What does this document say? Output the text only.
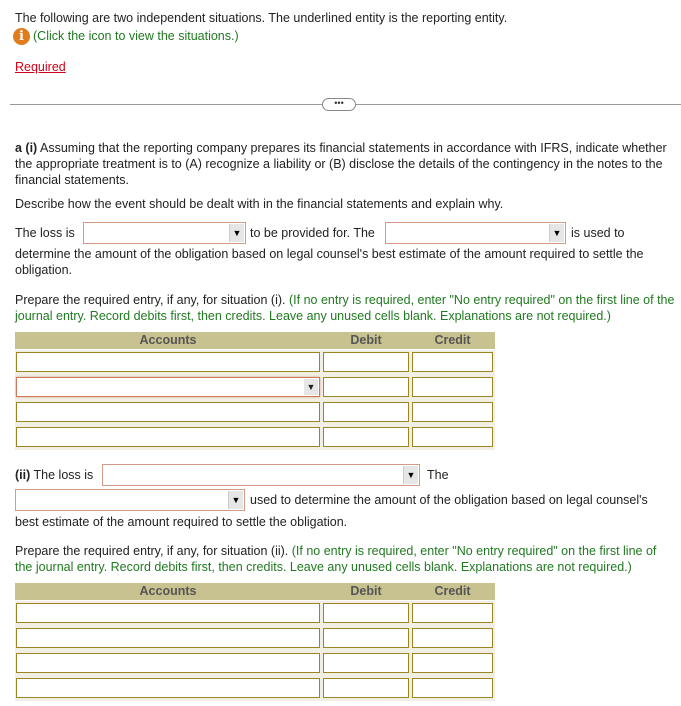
The following are two independent situations. The underlined entity is the reporting entity.
i (Click the icon to view the situations.)
Required
•••
a (i) Assuming that the reporting company prepares its financial statements in accordance with IFRS, indicate whether the appropriate treatment is to (A) recognize a liability or (B) disclose the details of the contingency in the notes to the financial statements.
Describe how the event should be dealt with in the financial statements and explain why.
The loss is	▼ to be provided for. The	▼ is used to
determine the amount of the obligation based on legal counsel's best estimate of the amount required to settle the obligation.
Prepare the required entry, if any, for situation (i). (If no entry is required, enter "No entry required" on the first line of the journal entry. Record debits first, then credits. Leave any unused cells blank. Explanations are not required.)
Accounts	Debit	Credit
▼
(ii) The loss is	▼ The
▼ used to determine the amount of the obligation based on legal counsel's
best estimate of the amount required to settle the obligation.
Prepare the required entry, if any, for situation (ii). (If no entry is required, enter "No entry required" on the first line of the journal entry. Record debits first, then credits. Leave any unused cells blank. Explanations are not required.)
Accounts	Debit	Credit
